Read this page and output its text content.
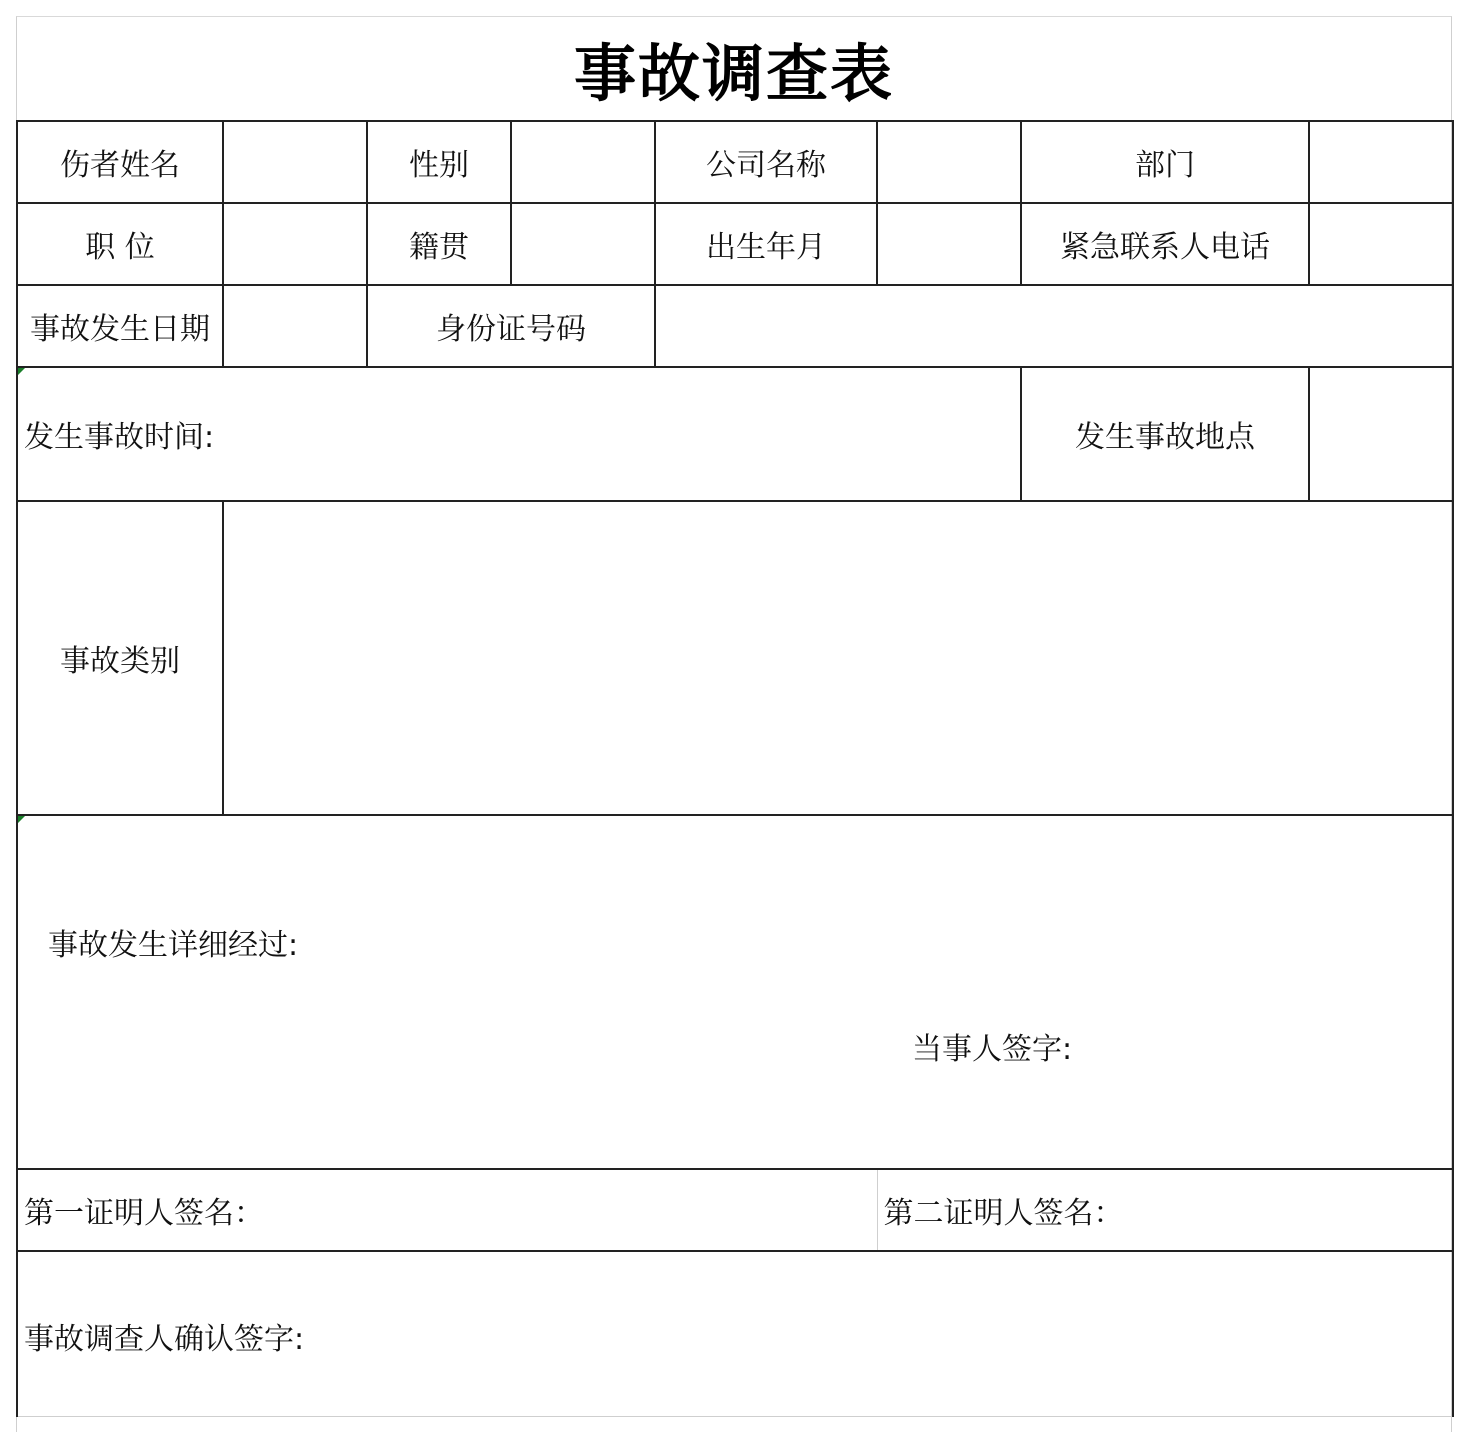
事故调查表
伤者姓名		性别		公司名称		部门	
职 位		籍贯		出生年月		紧急联系人电话	
事故发生日期		身份证号码					

发生事故时间:						发生事故地点	
事故类别							

事故发生详细经过:
当事人签字:							

第一证明人签名：					第二证明人签名：		

事故调查人确认签字:							
